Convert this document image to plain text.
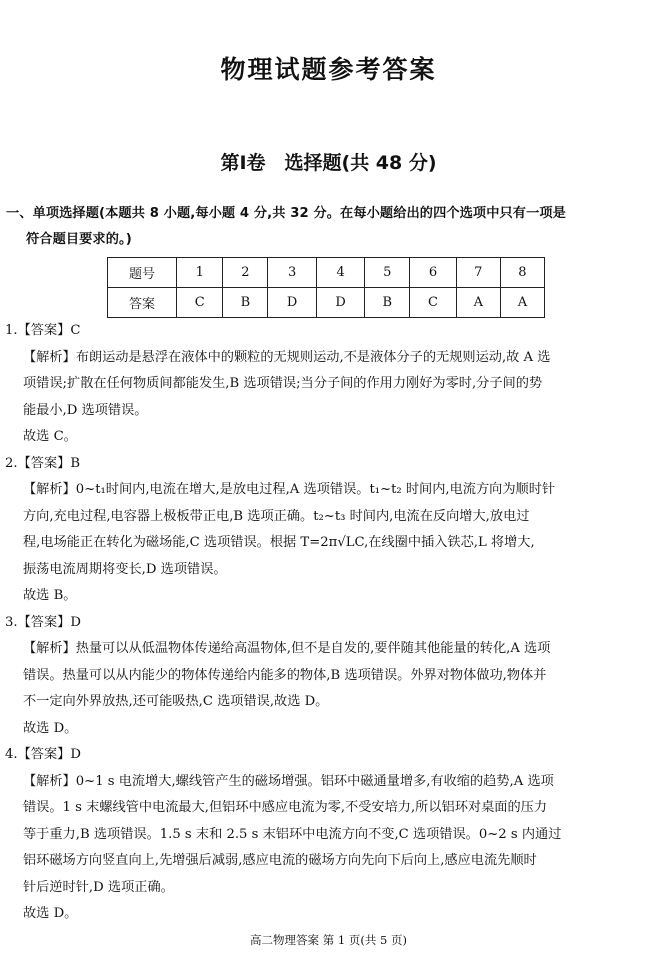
物理试题参考答案
第Ⅰ卷　选择题(共 48 分)
一、单项选择题(本题共 8 小题,每小题 4 分,共 32 分。在每小题给出的四个选项中只有一项是
符合题目要求的。)
题号	1	2	3	4	5	6	7	8
答案	C	B	D	D	B	C	A	A
1.【答案】C
【解析】布朗运动是悬浮在液体中的颗粒的无规则运动,不是液体分子的无规则运动,故 A 选
项错误;扩散在任何物质间都能发生,B 选项错误;当分子间的作用力刚好为零时,分子间的势
能最小,D 选项错误。
故选 C。
2.【答案】B
【解析】0~t₁时间内,电流在增大,是放电过程,A 选项错误。t₁~t₂ 时间内,电流方向为顺时针
方向,充电过程,电容器上极板带正电,B 选项正确。t₂~t₃ 时间内,电流在反向增大,放电过
程,电场能正在转化为磁场能,C 选项错误。根据 T=2π√LC,在线圈中插入铁芯,L 将增大,
振荡电流周期将变长,D 选项错误。
故选 B。
3.【答案】D
【解析】热量可以从低温物体传递给高温物体,但不是自发的,要伴随其他能量的转化,A 选项
错误。热量可以从内能少的物体传递给内能多的物体,B 选项错误。外界对物体做功,物体并
不一定向外界放热,还可能吸热,C 选项错误,故选 D。
故选 D。
4.【答案】D
【解析】0~1 s 电流增大,螺线管产生的磁场增强。铝环中磁通量增多,有收缩的趋势,A 选项
错误。1 s 末螺线管中电流最大,但铝环中感应电流为零,不受安培力,所以铝环对桌面的压力
等于重力,B 选项错误。1.5 s 末和 2.5 s 末铝环中电流方向不变,C 选项错误。0~2 s 内通过
铝环磁场方向竖直向上,先增强后减弱,感应电流的磁场方向先向下后向上,感应电流先顺时
针后逆时针,D 选项正确。
故选 D。
高二物理答案 第 1 页(共 5 页)
